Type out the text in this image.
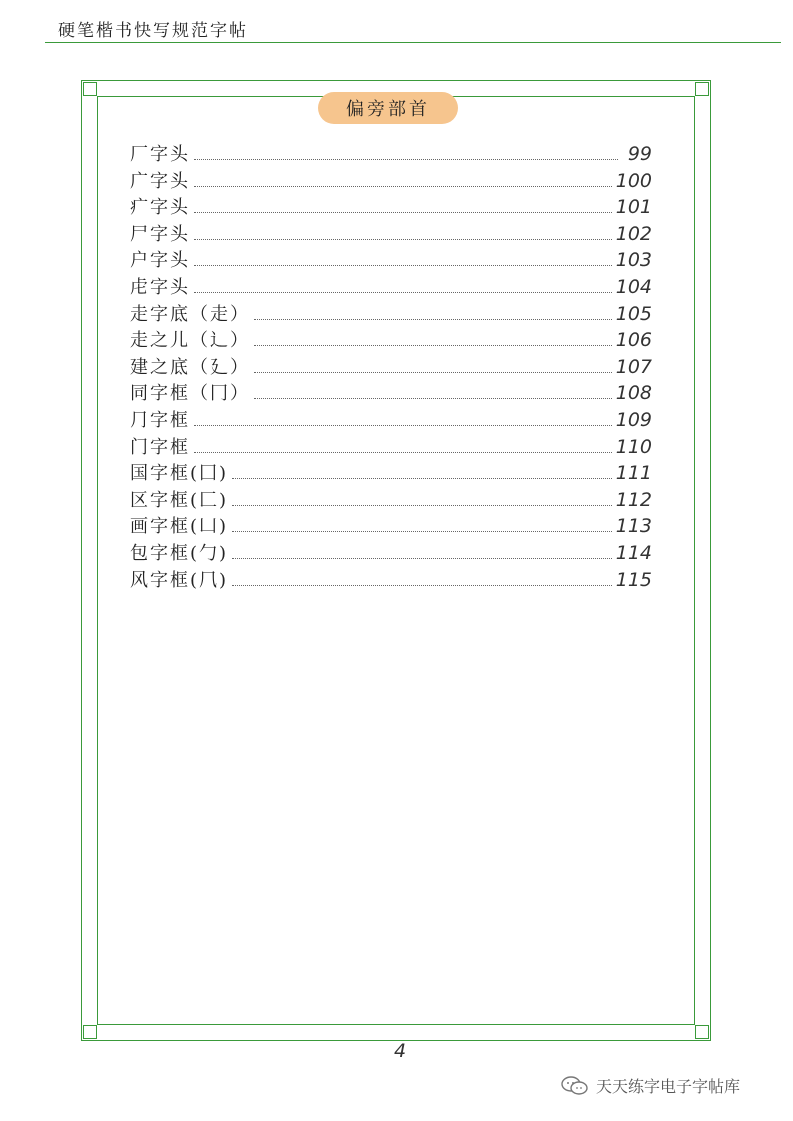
硬笔楷书快写规范字帖
偏旁部首
厂字头	99
广字头	100
疒字头	101
尸字头	102
户字头	103
虍字头	104
走字底（走）	105
走之儿（辶）	106
建之底（廴）	107
同字框（冂）	108
⺆字框	109
门字框	110
国字框(囗)	111
区字框(匚)	112
画字框(凵)	113
包字框(勹)	114
风字框(⺇)	115
4
天天练字电子字帖库
